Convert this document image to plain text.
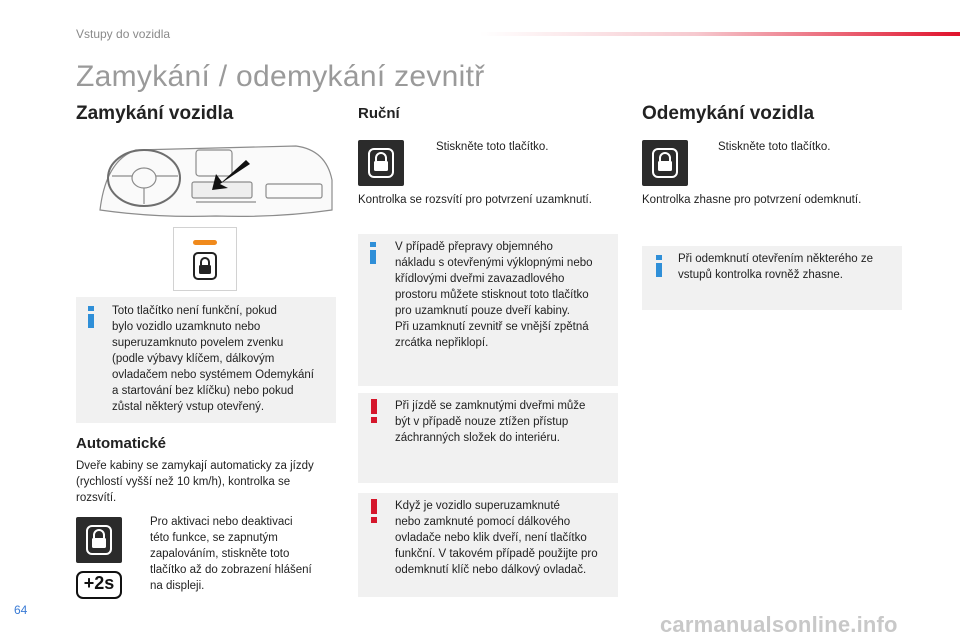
Vstupy do vozidla
Zamykání / odemykání zevnitř
Zamykání vozidla
Toto tlačítko není funkční, pokud
bylo vozidlo uzamknuto nebo
superuzamknuto povelem zvenku
(podle výbavy klíčem, dálkovým
ovladačem nebo systémem Odemykání
a startování bez klíčku) nebo pokud
zůstal některý vstup otevřený.
Automatické
Dveře kabiny se zamykají automaticky za jízdy
(rychlostí vyšší než 10 km/h), kontrolka se
rozsvítí.
+2s
Pro aktivaci nebo deaktivaci
této funkce, se zapnutým
zapalováním, stiskněte toto
tlačítko až do zobrazení hlášení
na displeji.
Ruční
Stiskněte toto tlačítko.
Kontrolka se rozsvítí pro potvrzení uzamknutí.
V případě přepravy objemného
nákladu s otevřenými výklopnými nebo
křídlovými dveřmi zavazadlového
prostoru můžete stisknout toto tlačítko
pro uzamknutí pouze dveří kabiny.
Při uzamknutí zevnitř se vnější zpětná
zrcátka nepřiklopí.
Při jízdě se zamknutými dveřmi může
být v případě nouze ztížen přístup
záchranných složek do interiéru.
Když je vozidlo superuzamknuté
nebo zamknuté pomocí dálkového
ovladače nebo klik dveří, není tlačítko
funkční. V takovém případě použijte pro
odemknutí klíč nebo dálkový ovladač.
Odemykání vozidla
Stiskněte toto tlačítko.
Kontrolka zhasne pro potvrzení odemknutí.
Při odemknutí otevřením některého ze
vstupů kontrolka rovněž zhasne.
64
carmanualsonline.info
